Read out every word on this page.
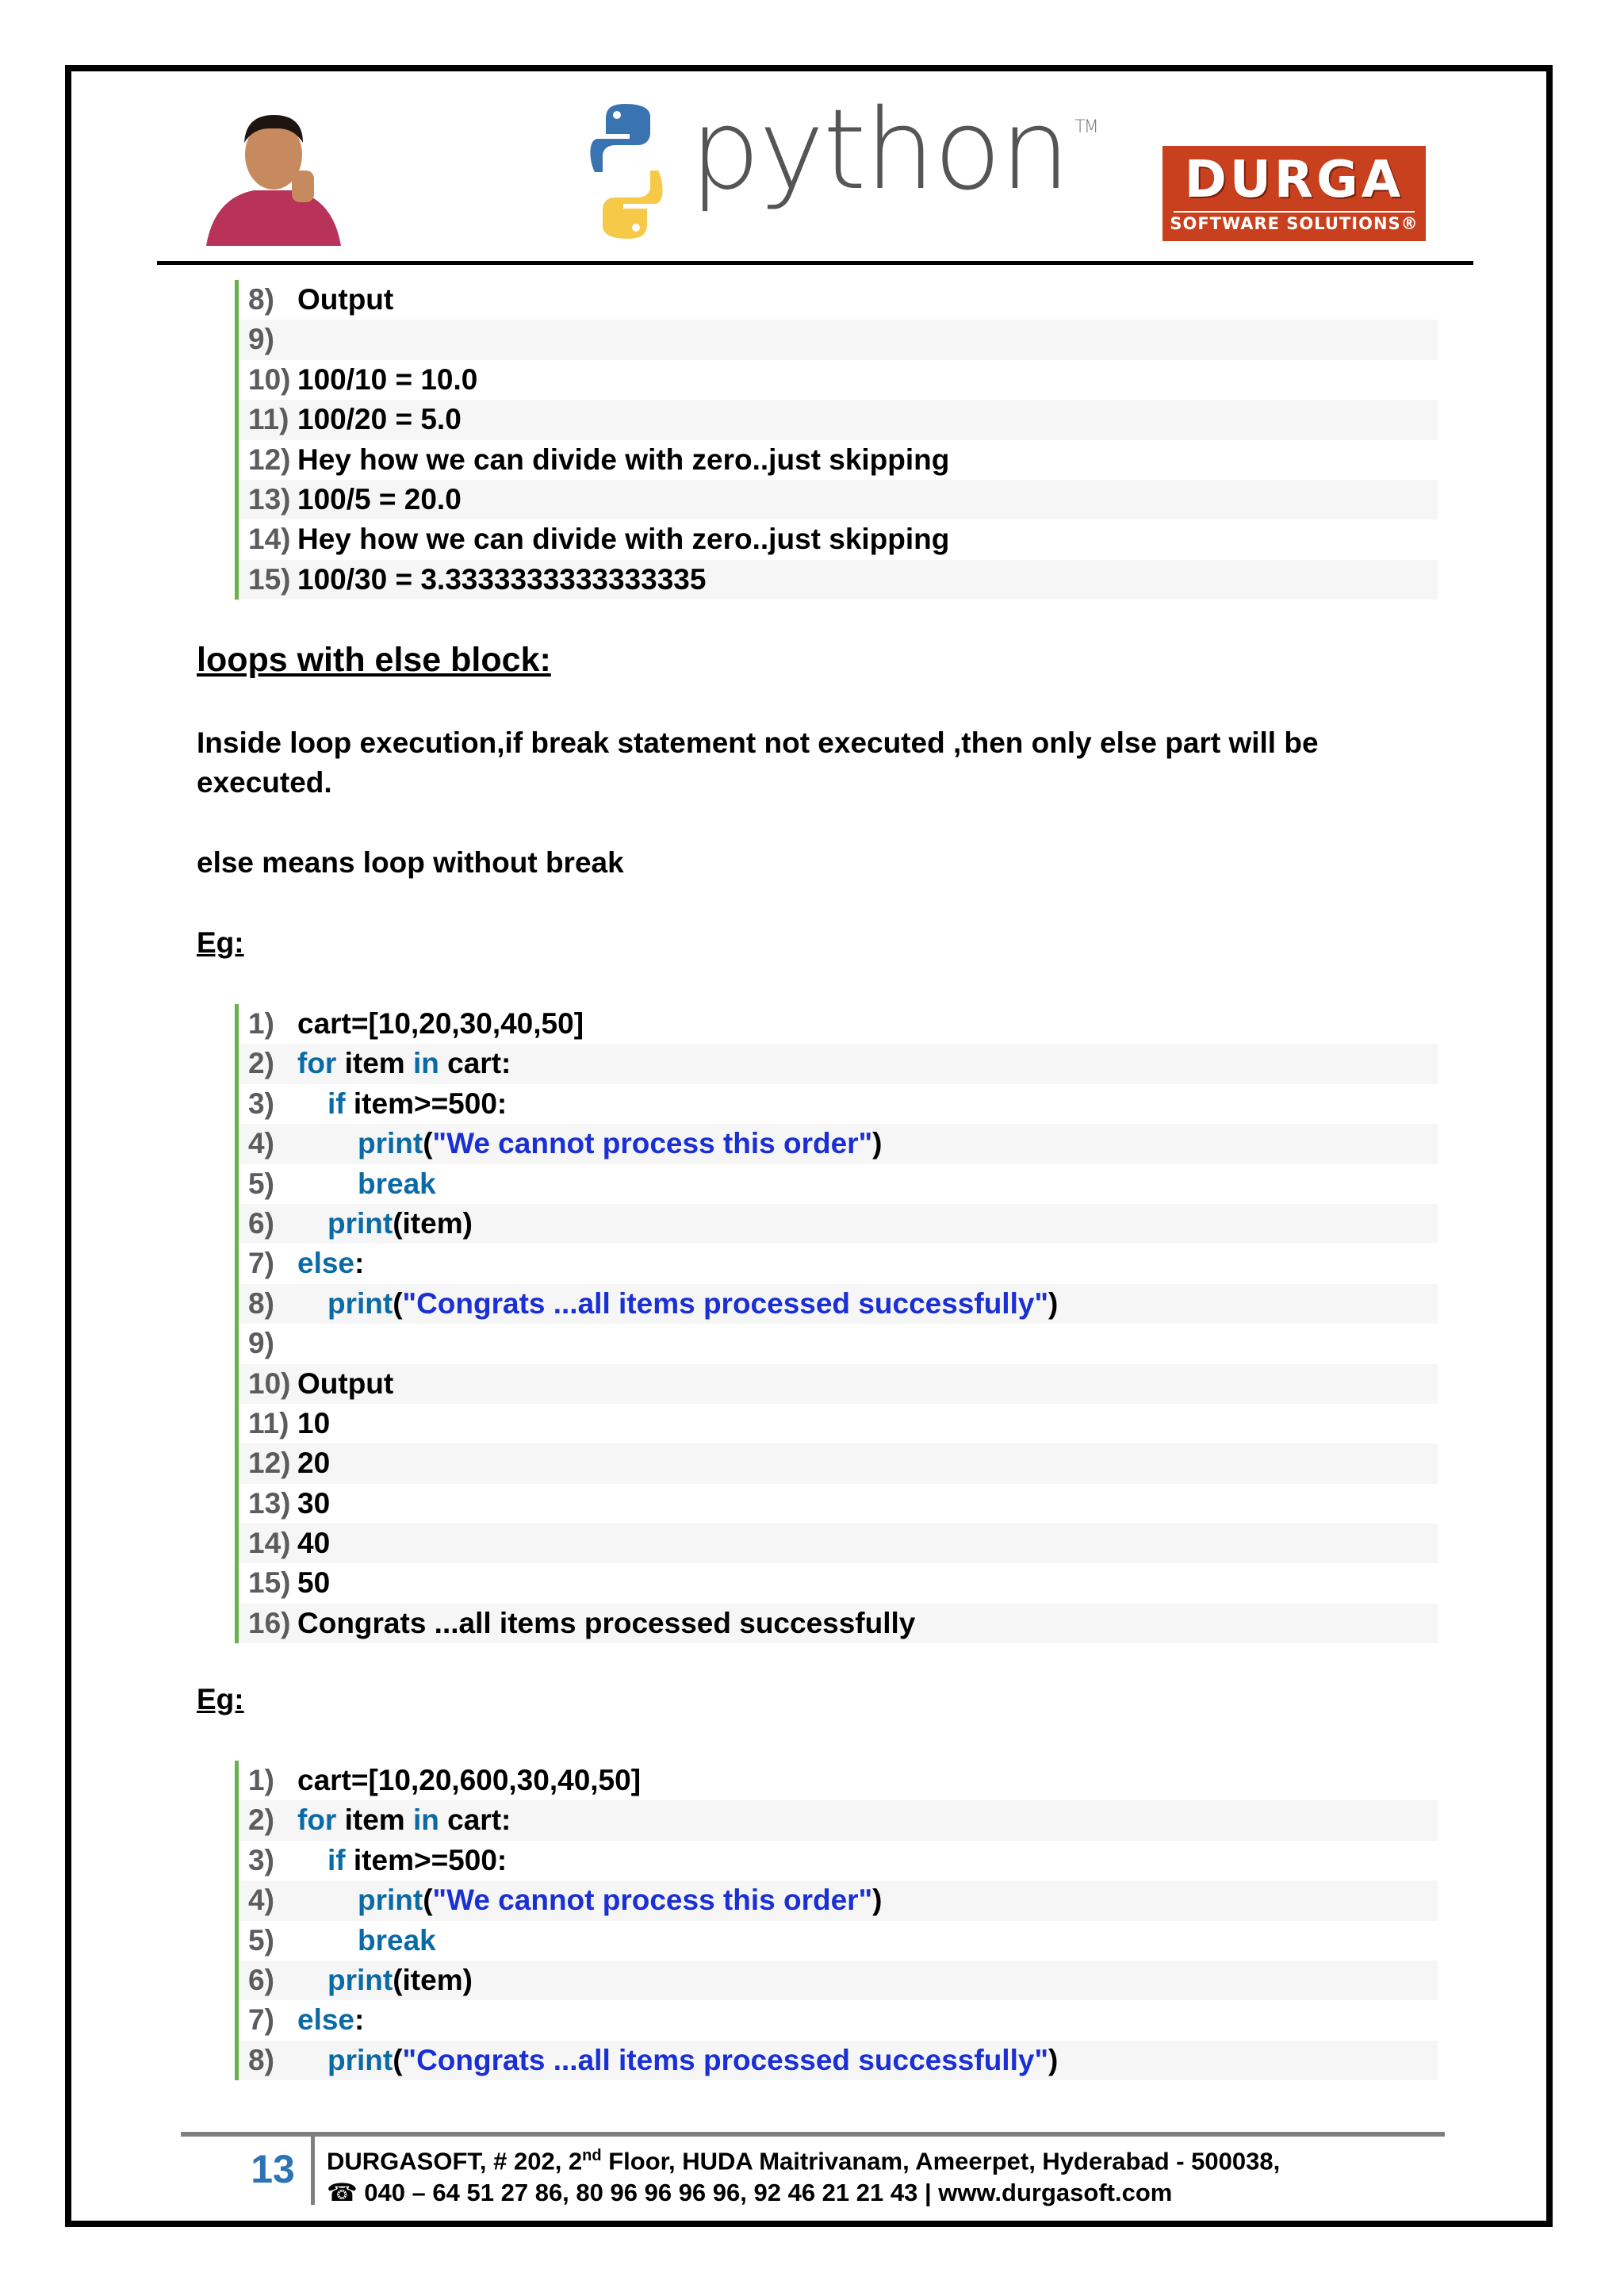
python TM
DURGA
SOFTWARE SOLUTIONS®
8) Output
9)
10) 100/10 = 10.0
11) 100/20 = 5.0
12) Hey how we can divide with zero..just skipping
13) 100/5 = 20.0
14) Hey how we can divide with zero..just skipping
15) 100/30 = 3.3333333333333335
loops with else block:
Inside loop execution,if break statement not executed ,then only else part will be executed.
else means loop without break
Eg:
1) cart=[10,20,30,40,50]
2) for item in cart:
3) if item>=500:
4)	print("We cannot process this order")
5)	break
6) print(item)
7) else:
8) print("Congrats ...all items processed successfully")
9)
10) Output
11) 10
12) 20
13) 30
14) 40
15) 50
16) Congrats ...all items processed successfully
Eg:
1) cart=[10,20,600,30,40,50]
2) for item in cart:
3) if item>=500:
4)	print("We cannot process this order")
5)	break
6) print(item)
7) else:
8) print("Congrats ...all items processed successfully")
13	DURGASOFT, # 202, 2nd Floor, HUDA Maitrivanam, Ameerpet, Hyderabad - 500038,
☎ 040 – 64 51 27 86, 80 96 96 96 96, 92 46 21 21 43 | www.durgasoft.com
